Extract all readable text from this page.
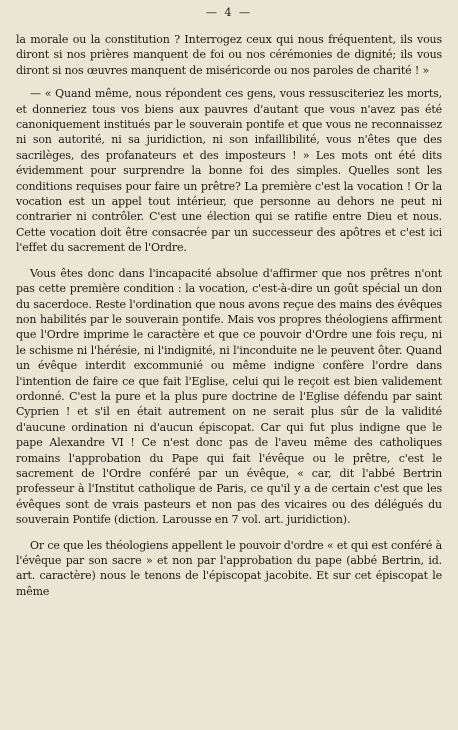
— 4 —

la morale ou la constitution ? Interrogez ceux qui nous fréquentent, ils vous diront si nos prières manquent de foi ou nos cérémonies de dignité; ils vous diront si nos œuvres manquent de miséricorde ou nos paroles de charité ! »

— « Quand même, nous répondent ces gens, vous ressusciteriez les morts, et donneriez tous vos biens aux pauvres d'autant que vous n'avez pas été canoniquement institués par le souverain pontife et que vous ne reconnaissez ni son autorité, ni sa juridiction, ni son infaillibilité, vous n'êtes que des sacrilèges, des profanateurs et des imposteurs ! » Les mots ont été dits évidemment pour surprendre la bonne foi des simples. Quelles sont les conditions requises pour faire un prêtre? La première c'est la vocation ! Or la vocation est un appel tout intérieur, que personne au dehors ne peut ni contrarier ni contrôler. C'est une élection qui se ratifie entre Dieu et nous. Cette vocation doit être consacrée par un successeur des apôtres et c'est ici l'effet du sacrement de l'Ordre.

Vous êtes donc dans l'incapacité absolue d'affirmer que nos prêtres n'ont pas cette première condition : la vocation, c'est-à-dire un goût spécial un don du sacerdoce. Reste l'ordination que nous avons reçue des mains des évêques non habilités par le souverain pontife. Mais vos propres théologiens affirment que l'Ordre imprime le caractère et que ce pouvoir d'Ordre une fois reçu, ni le schisme ni l'hérésie, ni l'indignité, ni l'inconduite ne le peuvent ôter. Quand un évêque interdit excommunié ou même indigne confère l'ordre dans l'intention de faire ce que fait l'Eglise, celui qui le reçoit est bien validement ordonné. C'est la pure et la plus pure doctrine de l'Eglise défendu par saint Cyprien ! et s'il en était autrement on ne serait plus sûr de la validité d'aucune ordination ni d'aucun épiscopat. Car qui fut plus indigne que le pape Alexandre VI ! Ce n'est donc pas de l'aveu même des catholiques romains l'approbation du Pape qui fait l'évêque ou le prêtre, c'est le sacrement de l'Ordre conféré par un évêque, « car, dit l'abbé Bertrin professeur à l'Institut catholique de Paris, ce qu'il y a de certain c'est que les évêques sont de vrais pasteurs et non pas des vicaires ou des délégués du souverain Pontife (diction. Larousse en 7 vol. art. juridiction).

Or ce que les théologiens appellent le pouvoir d'ordre « et qui est conféré à l'évêque par son sacre » et non par l'approbation du pape (abbé Bertrin, id. art. caractère) nous le tenons de l'épiscopat jacobite. Et sur cet épiscopat le même
